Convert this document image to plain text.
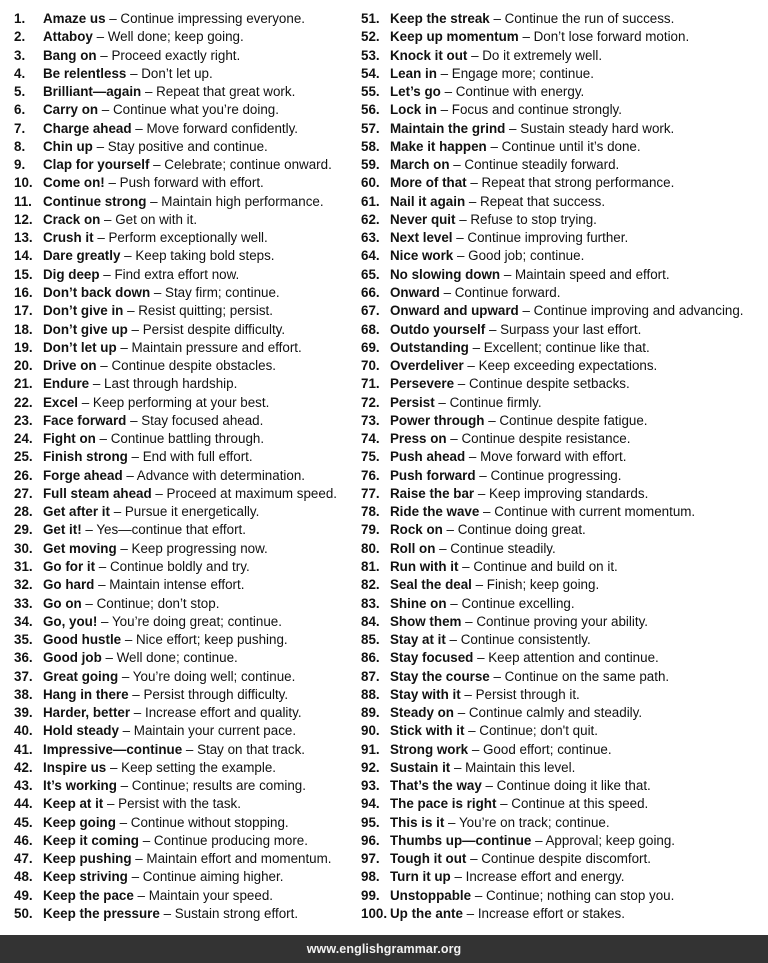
1. Amaze us – Continue impressing everyone.
2. Attaboy – Well done; keep going.
3. Bang on – Proceed exactly right.
4. Be relentless – Don’t let up.
5. Brilliant—again – Repeat that great work.
6. Carry on – Continue what you’re doing.
7. Charge ahead – Move forward confidently.
8. Chin up – Stay positive and continue.
9. Clap for yourself – Celebrate; continue onward.
10. Come on! – Push forward with effort.
11. Continue strong – Maintain high performance.
12. Crack on – Get on with it.
13. Crush it – Perform exceptionally well.
14. Dare greatly – Keep taking bold steps.
15. Dig deep – Find extra effort now.
16. Don’t back down – Stay firm; continue.
17. Don’t give in – Resist quitting; persist.
18. Don’t give up – Persist despite difficulty.
19. Don’t let up – Maintain pressure and effort.
20. Drive on – Continue despite obstacles.
21. Endure – Last through hardship.
22. Excel – Keep performing at your best.
23. Face forward – Stay focused ahead.
24. Fight on – Continue battling through.
25. Finish strong – End with full effort.
26. Forge ahead – Advance with determination.
27. Full steam ahead – Proceed at maximum speed.
28. Get after it – Pursue it energetically.
29. Get it! – Yes—continue that effort.
30. Get moving – Keep progressing now.
31. Go for it – Continue boldly and try.
32. Go hard – Maintain intense effort.
33. Go on – Continue; don’t stop.
34. Go, you! – You’re doing great; continue.
35. Good hustle – Nice effort; keep pushing.
36. Good job – Well done; continue.
37. Great going – You’re doing well; continue.
38. Hang in there – Persist through difficulty.
39. Harder, better – Increase effort and quality.
40. Hold steady – Maintain your current pace.
41. Impressive—continue – Stay on that track.
42. Inspire us – Keep setting the example.
43. It’s working – Continue; results are coming.
44. Keep at it – Persist with the task.
45. Keep going – Continue without stopping.
46. Keep it coming – Continue producing more.
47. Keep pushing – Maintain effort and momentum.
48. Keep striving – Continue aiming higher.
49. Keep the pace – Maintain your speed.
50. Keep the pressure – Sustain strong effort.
51. Keep the streak – Continue the run of success.
52. Keep up momentum – Don’t lose forward motion.
53. Knock it out – Do it extremely well.
54. Lean in – Engage more; continue.
55. Let’s go – Continue with energy.
56. Lock in – Focus and continue strongly.
57. Maintain the grind – Sustain steady hard work.
58. Make it happen – Continue until it’s done.
59. March on – Continue steadily forward.
60. More of that – Repeat that strong performance.
61. Nail it again – Repeat that success.
62. Never quit – Refuse to stop trying.
63. Next level – Continue improving further.
64. Nice work – Good job; continue.
65. No slowing down – Maintain speed and effort.
66. Onward – Continue forward.
67. Onward and upward – Continue improving and advancing.
68. Outdo yourself – Surpass your last effort.
69. Outstanding – Excellent; continue like that.
70. Overdeliver – Keep exceeding expectations.
71. Persevere – Continue despite setbacks.
72. Persist – Continue firmly.
73. Power through – Continue despite fatigue.
74. Press on – Continue despite resistance.
75. Push ahead – Move forward with effort.
76. Push forward – Continue progressing.
77. Raise the bar – Keep improving standards.
78. Ride the wave – Continue with current momentum.
79. Rock on – Continue doing great.
80. Roll on – Continue steadily.
81. Run with it – Continue and build on it.
82. Seal the deal – Finish; keep going.
83. Shine on – Continue excelling.
84. Show them – Continue proving your ability.
85. Stay at it – Continue consistently.
86. Stay focused – Keep attention and continue.
87. Stay the course – Continue on the same path.
88. Stay with it – Persist through it.
89. Steady on – Continue calmly and steadily.
90. Stick with it – Continue; don't quit.
91. Strong work – Good effort; continue.
92. Sustain it – Maintain this level.
93. That’s the way – Continue doing it like that.
94. The pace is right – Continue at this speed.
95. This is it – You’re on track; continue.
96. Thumbs up—continue – Approval; keep going.
97. Tough it out – Continue despite discomfort.
98. Turn it up – Increase effort and energy.
99. Unstoppable – Continue; nothing can stop you.
100. Up the ante – Increase effort or stakes.
www.englishgrammar.org
